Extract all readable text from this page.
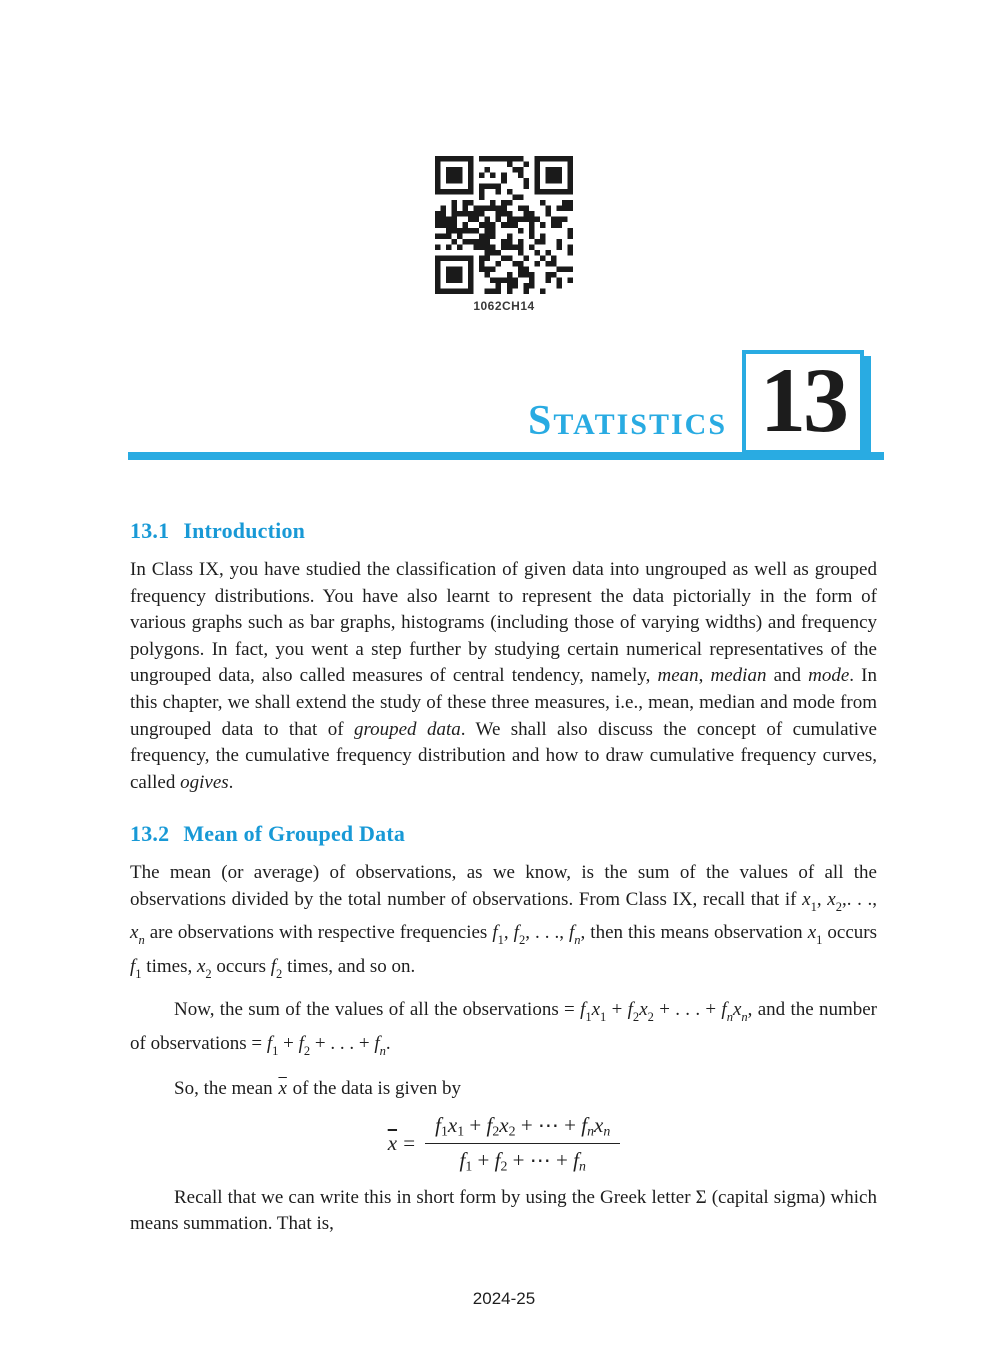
1062CH14
STATISTICS 13
13.1 Introduction

In Class IX, you have studied the classification of given data into ungrouped as well as grouped frequency distributions. You have also learnt to represent the data pictorially in the form of various graphs such as bar graphs, histograms (including those of varying widths) and frequency polygons. In fact, you went a step further by studying certain numerical representatives of the ungrouped data, also called measures of central tendency, namely, mean, median and mode. In this chapter, we shall extend the study of these three measures, i.e., mean, median and mode from ungrouped data to that of grouped data. We shall also discuss the concept of cumulative frequency, the cumulative frequency distribution and how to draw cumulative frequency curves, called ogives.

13.2 Mean of Grouped Data

The mean (or average) of observations, as we know, is the sum of the values of all the observations divided by the total number of observations. From Class IX, recall that if $x_1$, $x_2$,. . ., $x_n$ are observations with respective frequencies $f_1$, $f_2$, . . ., $f_n$, then this means observation $x_1$ occurs $f_1$ times, $x_2$ occurs $f_2$ times, and so on.

Now, the sum of the values of all the observations = $f_1x_1 + f_2x_2$ + . . . + $f_nx_n$, and the number of observations = $f_1 + f_2$ + . . . + $f_n$.

So, the mean $\overline{x}$ of the data is given by

$\overline{x} = \frac{\text{f1x1 + f2x2 + ⋯ + fnxn}}{f1 + f2 + \cdots + fn}$

Recall that we can write this in short form by using the Greek letter Σ (capital sigma) which means summation. That is,

2024-25
